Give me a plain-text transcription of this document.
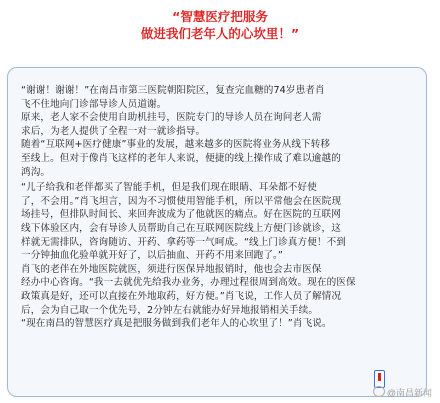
“智慧医疗把服务
做进我们老年人的心坎里！”
“谢谢！谢谢！”在南昌市第三医院朝阳院区，复查完血糖的74岁患者肖
飞不住地向门诊部导诊人员道谢。
原来，老人家不会使用自助机挂号，医院专门的导诊人员在询问老人需
求后，为老人提供了全程一对一就诊指导。
随着“互联网+医疗健康”事业的发展，越来越多的医院将业务从线下转移
至线上。但对于像肖飞这样的老年人来说，便捷的线上操作成了难以逾越的
鸿沟。
“儿子给我和老伴都买了智能手机，但是我们现在眼睛、耳朵都不好使
了，不会用。”肖飞坦言，因为不习惯使用智能手机，所以平常他会在医院现
场挂号，但排队时间长、来回奔波成为了他就医的痛点。好在医院的互联网
线下体验区内，会有导诊人员帮助自己在互联网医院线上方便门诊就诊，这
样就无需排队，咨询随访、开药、拿药等一气呵成。“线上门诊真方便！不到
一分钟抽血化验单就开好了，以后抽血、开药不用来回跑了。”
肖飞的老伴在外地医院就医，须进行医保异地报销时，他也会去市医保
经办中心咨询。“我一去就优先给我办业务，办理过程很周到高效。现在的医保
政策真是好，还可以直接在外地取药，好方便。”肖飞说，工作人员了解情况
后，会为自己取一个优先号，2分钟左右就能办好异地报销相关手续。
“现在南昌的智慧医疗真是把服务做到我们老年人的心坎里了！”肖飞说。
@南昌新闻
